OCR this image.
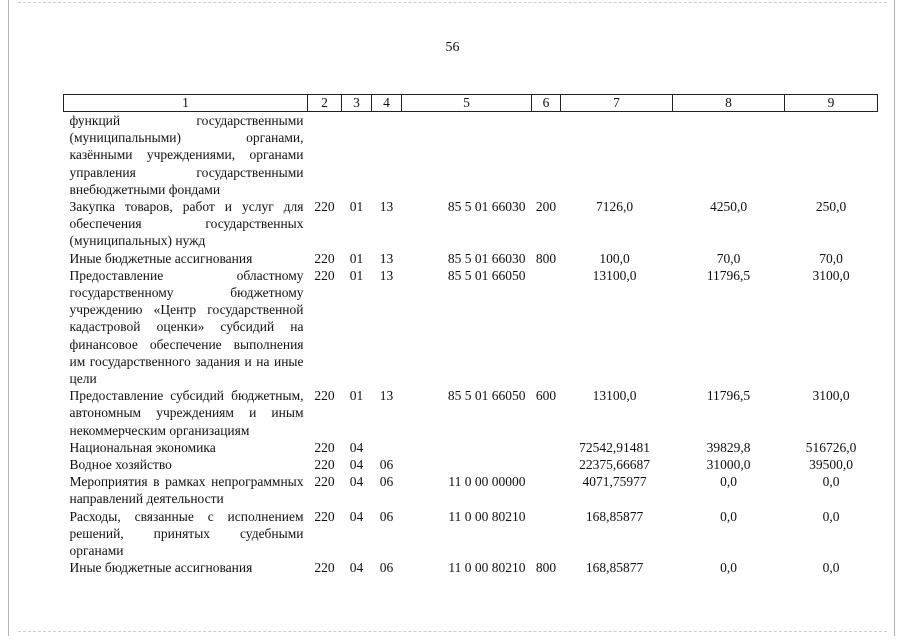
56
1	2	3	4	5	6	7	8	9
функций государственными (муниципальными) органами, казёнными учреждениями, органами управления государственными внебюджетными фондами								
Закупка товаров, работ и услуг для обеспечения государственных (муниципальных) нужд	220	01	13	85 5 01 66030	200	7126,0	4250,0	250,0
Иные бюджетные ассигнования	220	01	13	85 5 01 66030	800	100,0	70,0	70,0
Предоставление областному государственному бюджетному учреждению «Центр государственной кадастровой оценки» субсидий на финансовое обеспечение выполнения им государственного задания и на иные цели	220	01	13	85 5 01 66050		13100,0	11796,5	3100,0
Предоставление субсидий бюджетным, автономным учреждениям и иным некоммерческим организациям	220	01	13	85 5 01 66050	600	13100,0	11796,5	3100,0
Национальная экономика	220	04				72542,91481	39829,8	516726,0
Водное хозяйство	220	04	06			22375,66687	31000,0	39500,0
Мероприятия в рамках непрограммных направлений деятельности	220	04	06	11 0 00 00000		4071,75977	0,0	0,0
Расходы, связанные с исполнением решений, принятых судебными органами	220	04	06	11 0 00 80210		168,85877	0,0	0,0
Иные бюджетные ассигнования	220	04	06	11 0 00 80210	800	168,85877	0,0	0,0
